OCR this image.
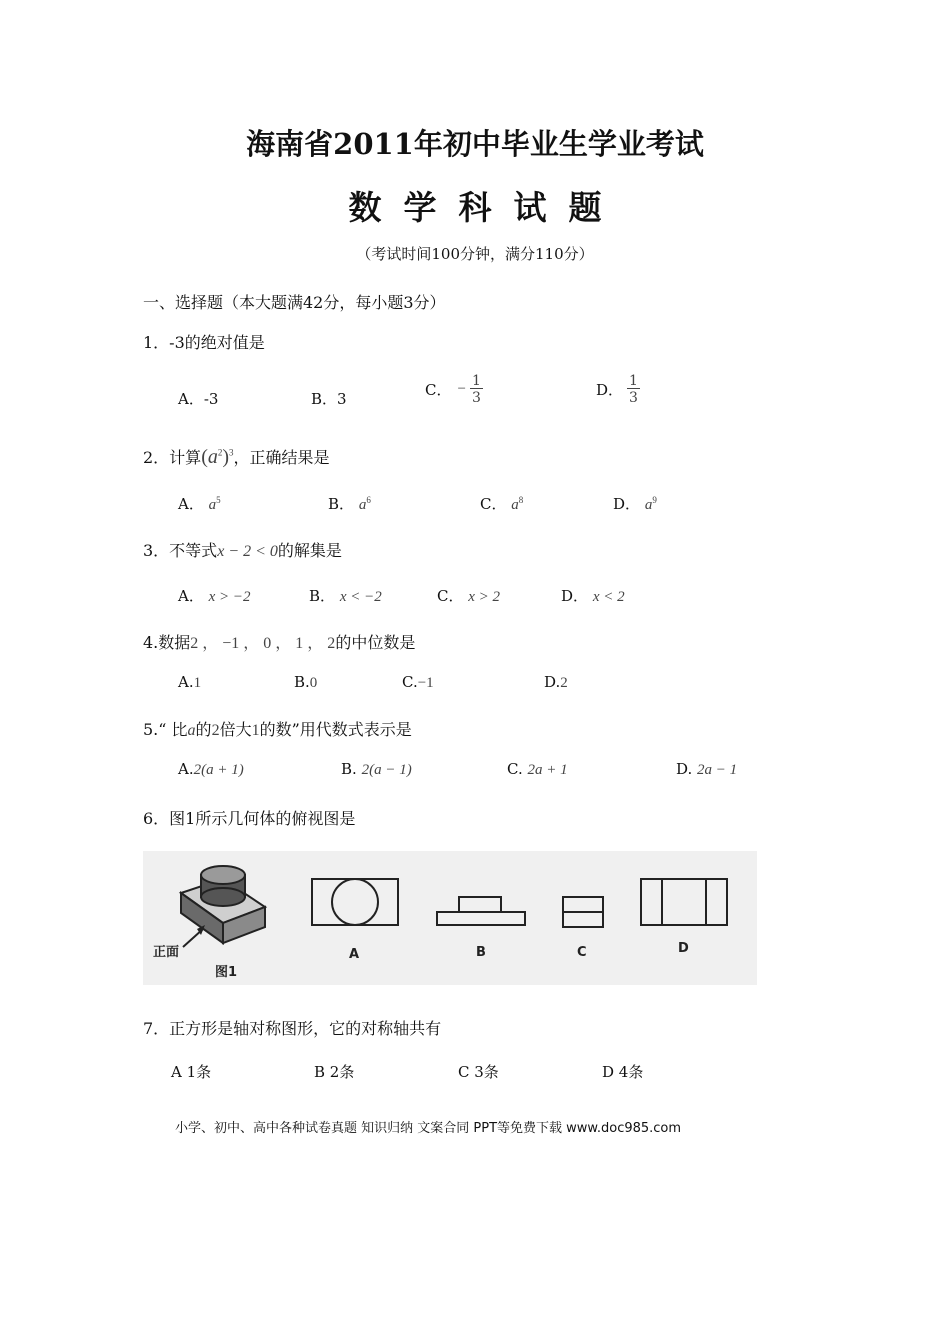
海南省2011年初中毕业生学业考试
数学科试题
（考试时间100分钟，满分110分）
一、选择题（本大题满42分，每小题3分）
1．-3的绝对值是
A．-3	B．3	C． − $\frac{1}{3}$	D． $\frac{1}{3}$
2．计算$(a^2)^3$，正确结果是
A． $a^5$	B． $a^6$	C． $a^8$	D． $a^9$
3．不等式x − 2 < 0的解集是
A． x > −2	B． x < −2	C． x > 2	D． x < 2
4.数据2 ， −1 ， 0 ， 1 ， 2的中位数是
A.1	B.0	C.−1	D.2
5.“ 比a的2倍大1的数”用代数式表示是
A.2(a + 1)	B. 2(a − 1)	C. 2a + 1	D. 2a − 1
6．图1所示几何体的俯视图是
正面
图1
A	B	C	D
7．正方形是轴对称图形，它的对称轴共有
A 1条	B 2条	C 3条	D 4条
小学、初中、高中各种试卷真题 知识归纳 文案合同 PPT等免费下载 www.doc985.com
